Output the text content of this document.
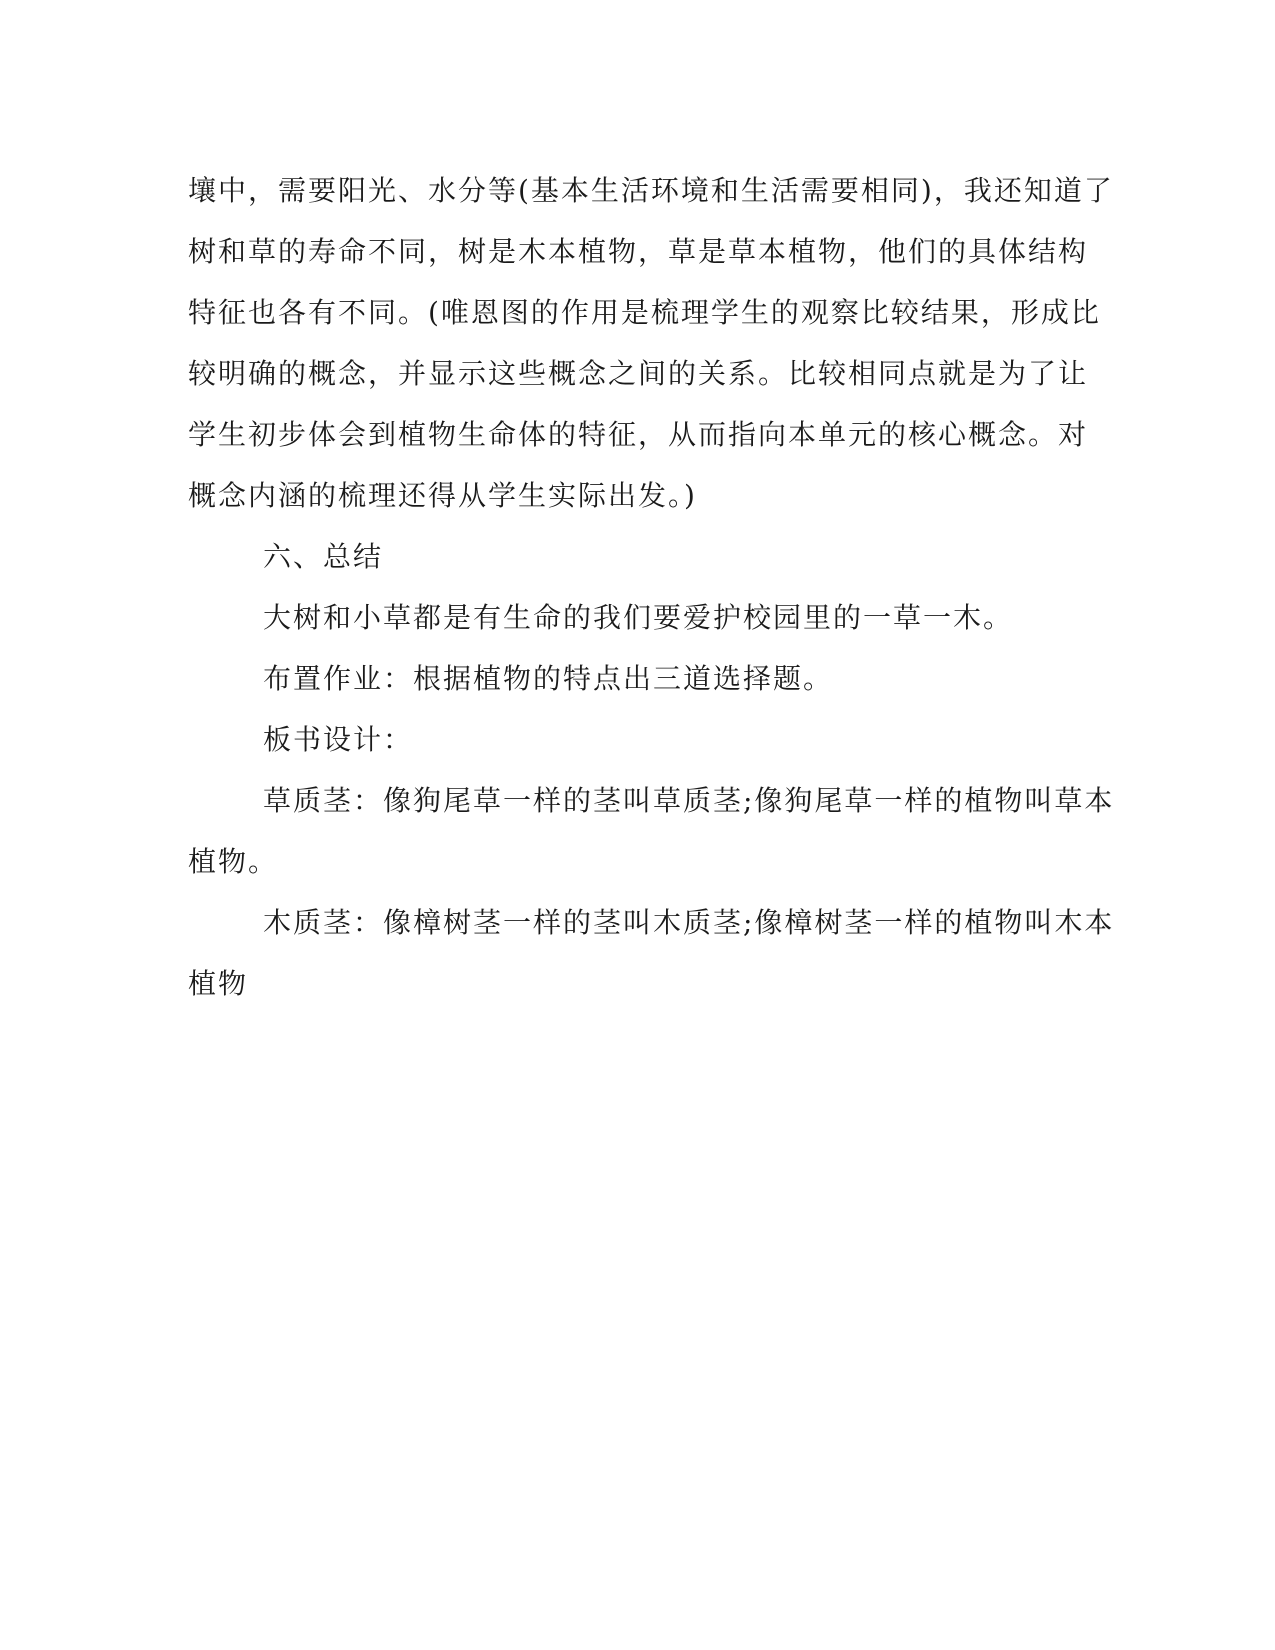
壤中，需要阳光、水分等(基本生活环境和生活需要相同)，我还知道了
树和草的寿命不同，树是木本植物，草是草本植物，他们的具体结构
特征也各有不同。(唯恩图的作用是梳理学生的观察比较结果，形成比
较明确的概念，并显示这些概念之间的关系。比较相同点就是为了让
学生初步体会到植物生命体的特征，从而指向本单元的核心概念。对
概念内涵的梳理还得从学生实际出发。)
六、总结
大树和小草都是有生命的我们要爱护校园里的一草一木。
布置作业：根据植物的特点出三道选择题。
板书设计：
草质茎：像狗尾草一样的茎叫草质茎;像狗尾草一样的植物叫草本
植物。
木质茎：像樟树茎一样的茎叫木质茎;像樟树茎一样的植物叫木本
植物
